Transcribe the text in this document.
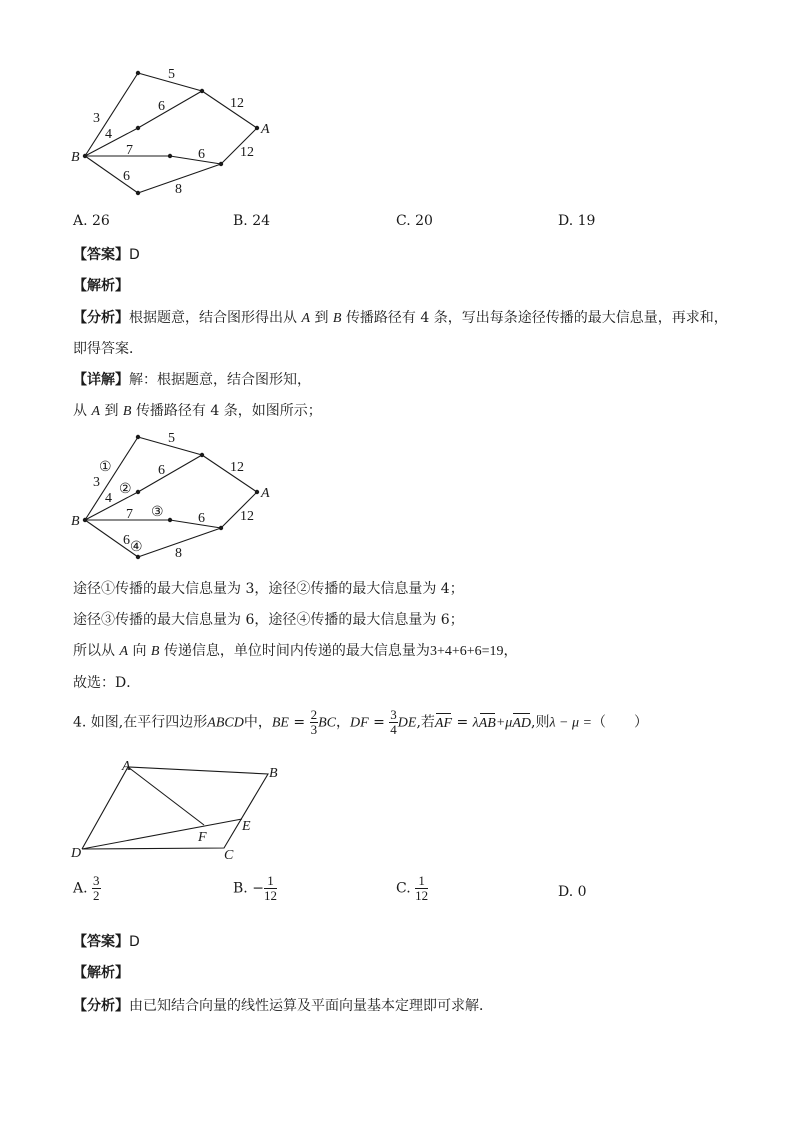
B
A
5
3
6	12
4
7	6	12
6
8
A. 26	B. 24	C. 20	D. 19
【答案】D
【解析】
【分析】根据题意，结合图形得出从 A 到 B 传播路径有 4 条，写出每条途径传播的最大信息量，再求和，
即得答案．
【详解】解：根据题意，结合图形知，
从 A 到 B 传播路径有 4 条，如图所示；
B
A
5
3
6	12
4
7	6	12
6
8
①
②
③
④
途径①传播的最大信息量为 3，途径②传播的最大信息量为 4；
途径③传播的最大信息量为 6，途径④传播的最大信息量为 6；
所以从 A 向 B 传递信息，单位时间内传递的最大信息量为3+4+6+6=19，
故选：D．
4. 如图,在平行四边形ABCD中，BE = $\frac{2}{3}$ BC，DF = $\frac{3}{4}$ DE,若AF = λAB+μAD,则λ − μ =（　　）
A	B
C
D
E
F
A. $\frac{3}{2}$	B. − $\frac{1}{12}$	C. $\frac{1}{12}$	D. 0
【答案】D
【解析】
【分析】由已知结合向量的线性运算及平面向量基本定理即可求解．
